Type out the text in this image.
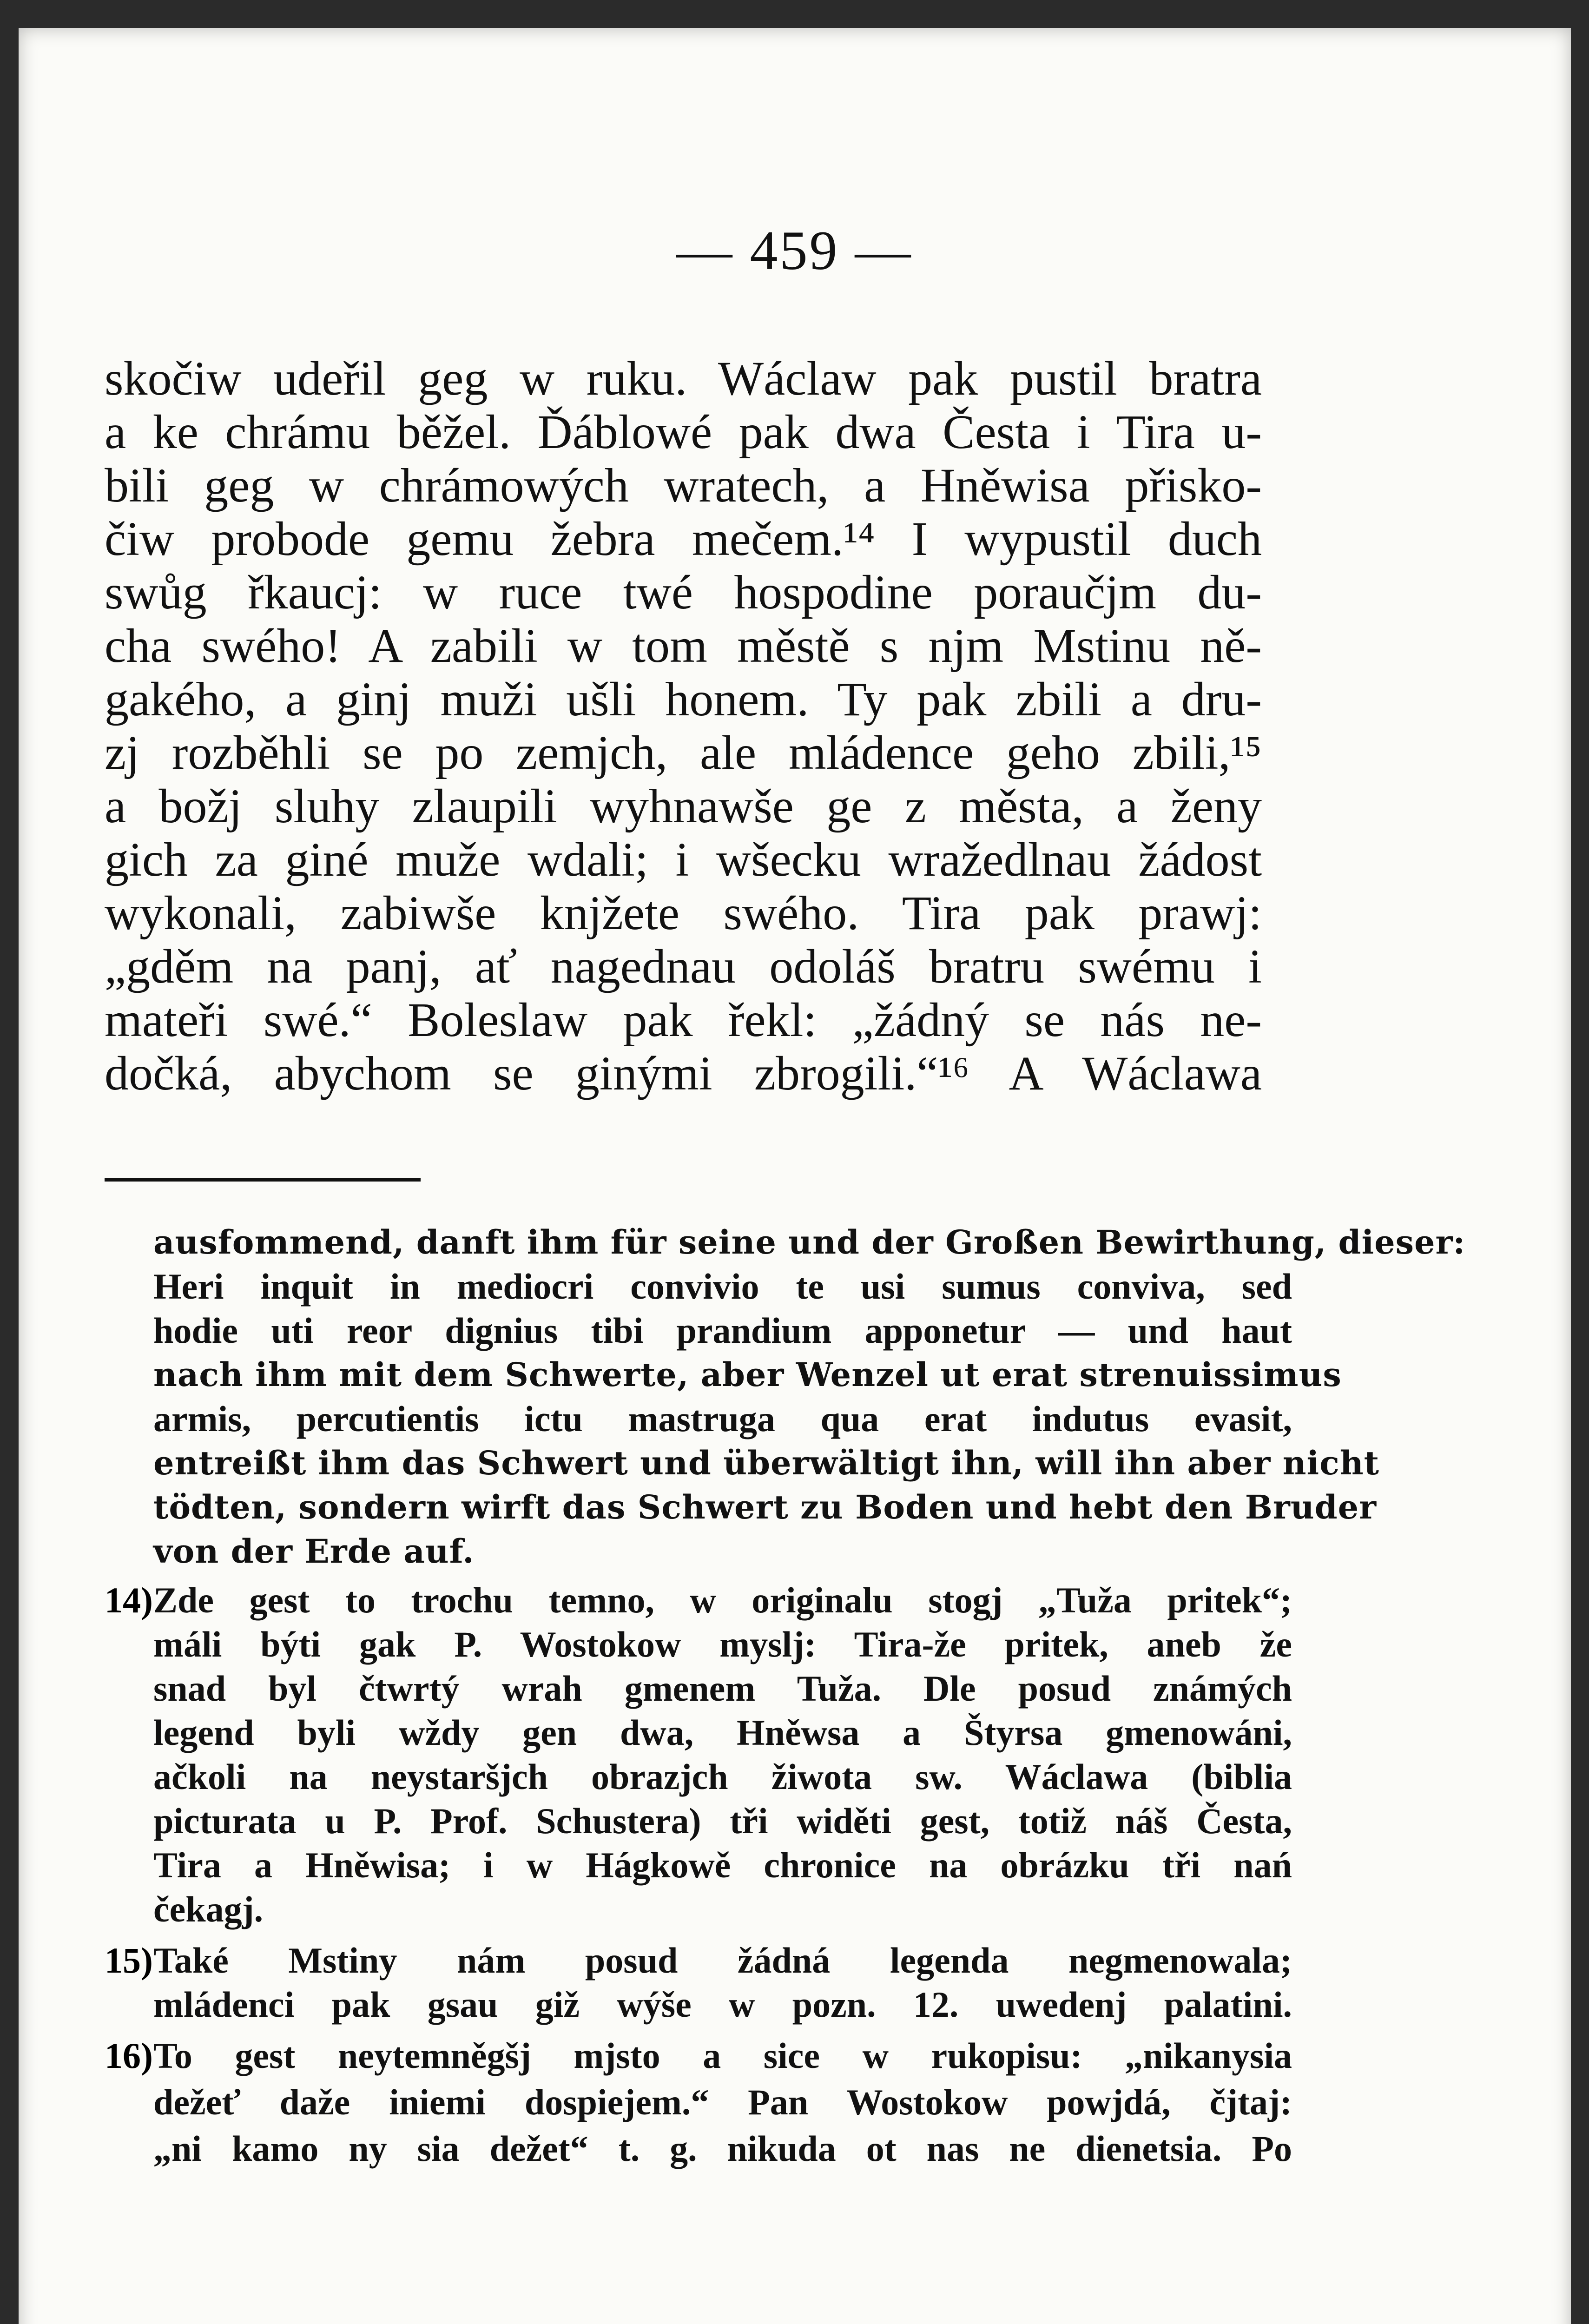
— 459 —
skočiw udeřil geg w ruku. Wáclaw pak pustil bratra
a ke chrámu běžel. Ďáblowé pak dwa Česta i Tira u-
bili geg w chrámowých wratech, a Hněwisa přisko-
čiw probode gemu žebra mečem.¹⁴ I wypustil duch
swůg řkaucj: w ruce twé hospodine poraučjm du-
cha swého! A zabili w tom městě s njm Mstinu ně-
gakého, a ginj muži ušli honem. Ty pak zbili a dru-
zj rozběhli se po zemjch, ale mládence geho zbili,¹⁵
a božj sluhy zlaupili wyhnawše ge z města, a ženy
gich za giné muže wdali; i wšecku wražedlnau žádost
wykonali, zabiwše knjžete swého. Tira pak prawj:
„gděm na panj, ať nagednau odoláš bratru swému i
mateři swé.“ Boleslaw pak řekl: „žádný se nás ne-
dočká, abychom se ginými zbrogili.“¹⁶ A Wáclawa
ausfommend, danft ihm für seine und der Großen Bewirthung, dieser:
Heri inquit in mediocri convivio te usi sumus conviva, sed
hodie uti reor dignius tibi prandium apponetur — und haut
nach ihm mit dem Schwerte, aber Wenzel ut erat strenuissimus
armis, percutientis ictu mastruga qua erat indutus evasit,
entreißt ihm das Schwert und überwältigt ihn, will ihn aber nicht
tödten, sondern wirft das Schwert zu Boden und hebt den Bruder
von der Erde auf.
14) Zde gest to trochu temno, w originalu stogj „Tuža pritek“;
máli býti gak P. Wostokow myslj: Tira-že pritek, aneb že
snad byl čtwrtý wrah gmenem Tuža. Dle posud známých
legend byli wždy gen dwa, Hněwsa a Štyrsa gmenowáni,
ačkoli na neystaršjch obrazjch žiwota sw. Wáclawa (biblia
picturata u P. Prof. Schustera) tři widěti gest, totiž náš Česta,
Tira a Hněwisa; i w Hágkowě chronice na obrázku tři nań
čekagj.
15) Také Mstiny nám posud žádná legenda negmenowala;
mládenci pak gsau giž wýše w pozn. 12. uwedenj palatini.
16) To gest neytemněgšj mjsto a sice w rukopisu: „nikanysia
dežeť daže iniemi dospiejem.“ Pan Wostokow powjdá, čjtaj:
„ni kamo ny sia dežet“ t. g. nikuda ot nas ne dienetsia. Po
